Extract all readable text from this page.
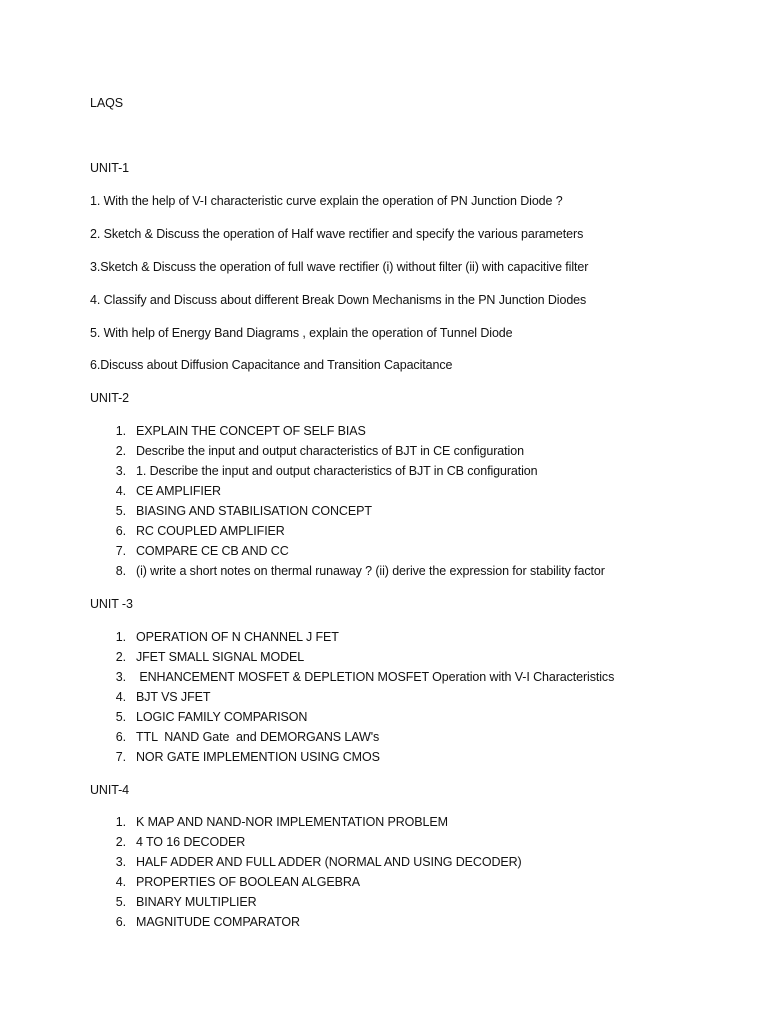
LAQS
UNIT-1
1. With the help of V-I characteristic curve explain the operation of PN Junction Diode ?
2. Sketch & Discuss the operation of Half wave rectifier and specify the various parameters
3.Sketch & Discuss the operation of full wave rectifier (i) without filter (ii) with capacitive filter
4. Classify and Discuss about different Break Down Mechanisms in the PN Junction Diodes
5. With help of Energy Band Diagrams , explain the operation of Tunnel Diode
6.Discuss about Diffusion Capacitance and Transition Capacitance
UNIT-2
1. EXPLAIN THE CONCEPT OF SELF BIAS
2. Describe the input and output characteristics of BJT in CE configuration
3. 1. Describe the input and output characteristics of BJT in CB configuration
4. CE AMPLIFIER
5. BIASING AND STABILISATION CONCEPT
6. RC COUPLED AMPLIFIER
7. COMPARE CE CB AND CC
8. (i) write a short notes on thermal runaway ? (ii) derive the expression for stability factor
UNIT -3
1. OPERATION OF N CHANNEL J FET
2. JFET SMALL SIGNAL MODEL
3. ENHANCEMENT MOSFET & DEPLETION MOSFET Operation with V-I Characteristics
4. BJT VS JFET
5. LOGIC FAMILY COMPARISON
6. TTL  NAND Gate  and DEMORGANS LAW's
7. NOR GATE IMPLEMENTION USING CMOS
UNIT-4
1. K MAP AND NAND-NOR IMPLEMENTATION PROBLEM
2. 4 TO 16 DECODER
3. HALF ADDER AND FULL ADDER (NORMAL AND USING DECODER)
4. PROPERTIES OF BOOLEAN ALGEBRA
5. BINARY MULTIPLIER
6. MAGNITUDE COMPARATOR
